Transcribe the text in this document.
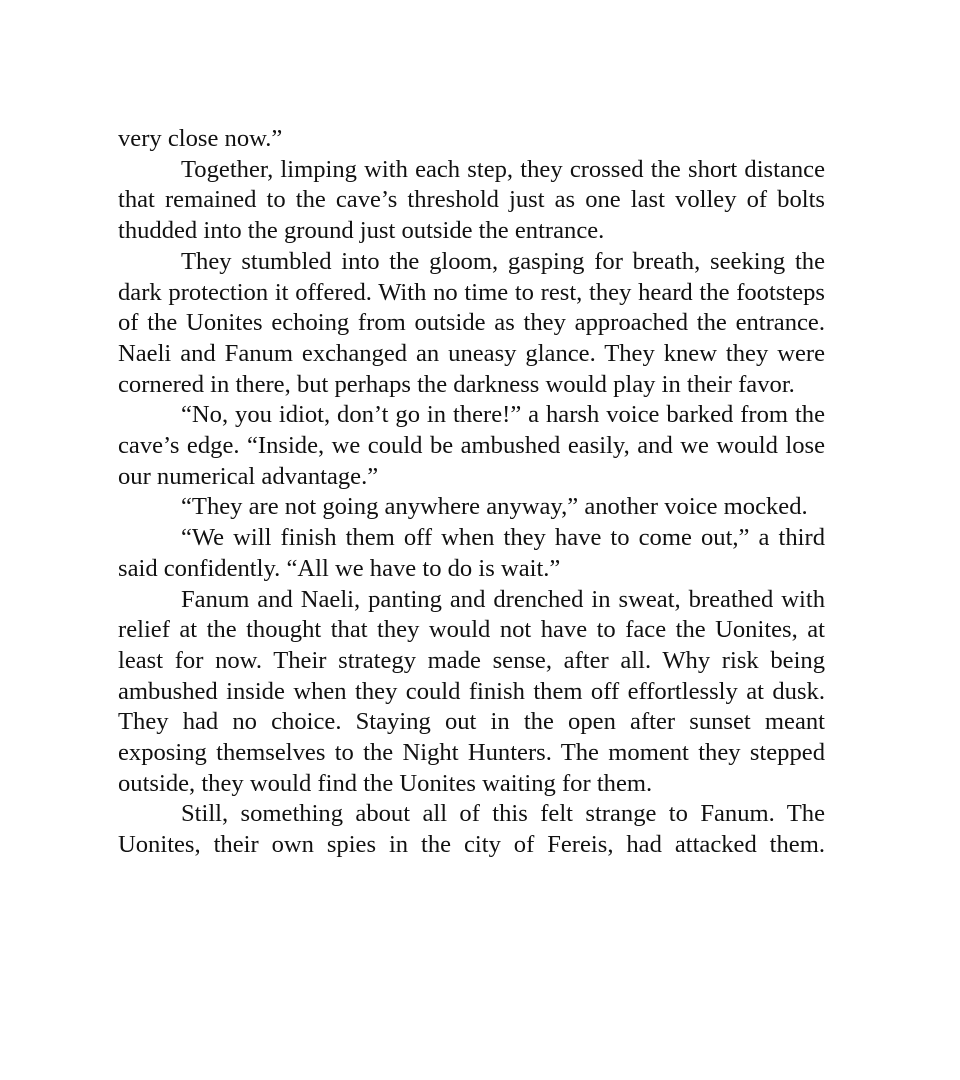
very close now.”

Together, limping with each step, they crossed the short distance that remained to the cave’s threshold just as one last volley of bolts thudded into the ground just outside the entrance.

They stumbled into the gloom, gasping for breath, seeking the dark protection it offered. With no time to rest, they heard the footsteps of the Uonites echoing from outside as they approached the entrance. Naeli and Fanum exchanged an uneasy glance. They knew they were cornered in there, but perhaps the darkness would play in their favor.

“No, you idiot, don’t go in there!” a harsh voice barked from the cave’s edge. “Inside, we could be ambushed easily, and we would lose our numerical advantage.”

“They are not going anywhere anyway,” another voice mocked.

“We will finish them off when they have to come out,” a third said confidently. “All we have to do is wait.”

Fanum and Naeli, panting and drenched in sweat, breathed with relief at the thought that they would not have to face the Uonites, at least for now. Their strategy made sense, after all. Why risk being ambushed inside when they could finish them off effortlessly at dusk. They had no choice. Staying out in the open after sunset meant exposing themselves to the Night Hunters. The moment they stepped outside, they would find the Uonites waiting for them.

Still, something about all of this felt strange to Fanum. The Uonites, their own spies in the city of Fereis, had attacked them.
